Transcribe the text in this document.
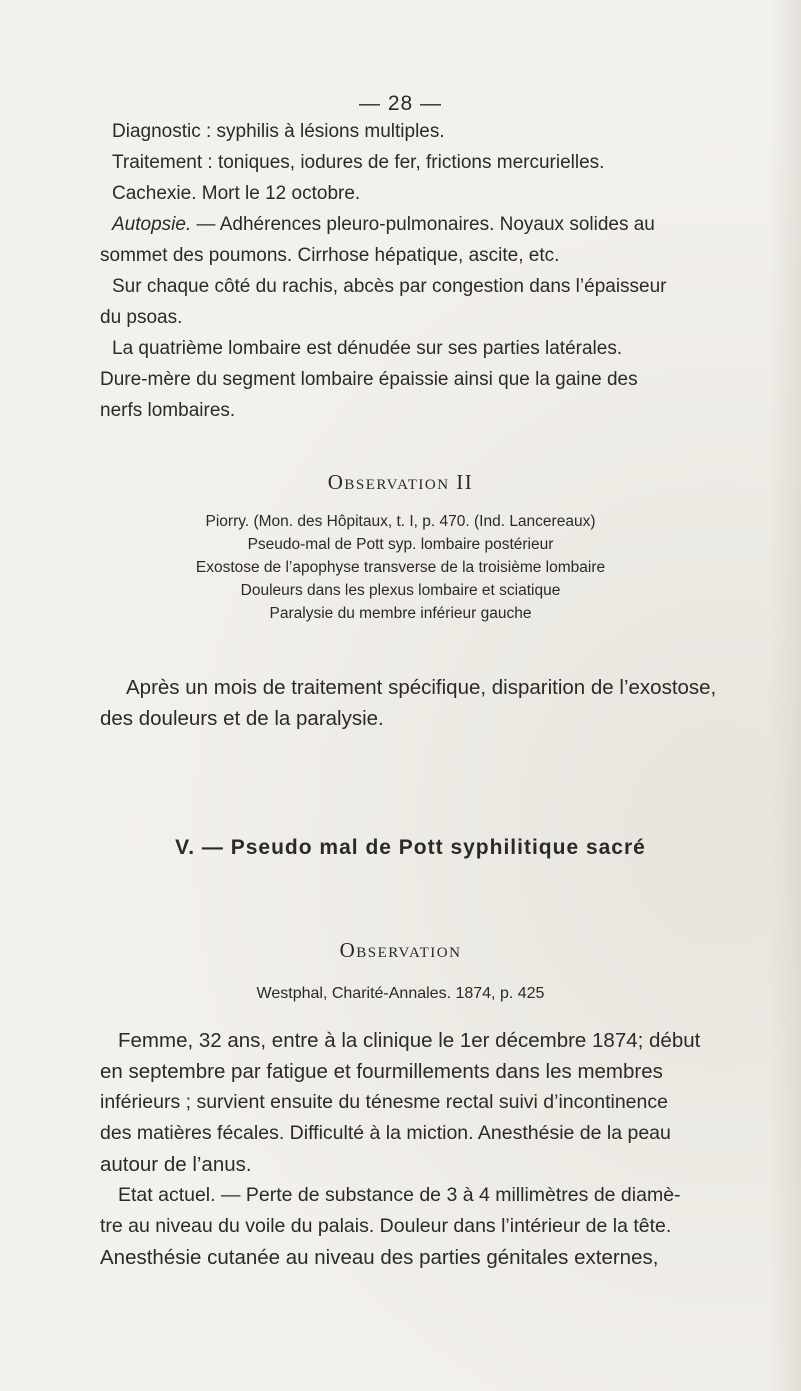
— 28 —
Diagnostic : syphilis à lésions multiples.
Traitement : toniques, iodures de fer, frictions mercurielles.
Cachexie. Mort le 12 octobre.
Autopsie. — Adhérences pleuro-pulmonaires. Noyaux solides au
sommet des poumons. Cirrhose hépatique, ascite, etc.
Sur chaque côté du rachis, abcès par congestion dans l’épaisseur
du psoas.
La quatrième lombaire est dénudée sur ses parties latérales.
Dure-mère du segment lombaire épaissie ainsi que la gaine des
nerfs lombaires.
Observation II
Piorry. (Mon. des Hôpitaux, t. I, p. 470. (Ind. Lancereaux)
Pseudo-mal de Pott syp. lombaire postérieur
Exostose de l’apophyse transverse de la troisième lombaire
Douleurs dans les plexus lombaire et sciatique
Paralysie du membre inférieur gauche
Après un mois de traitement spécifique, disparition de l’exostose,
des douleurs et de la paralysie.
V. — Pseudo mal de Pott syphilitique sacré
Observation
Westphal, Charité-Annales. 1874, p. 425
Femme, 32 ans, entre à la clinique le 1er décembre 1874; début
en septembre par fatigue et fourmillements dans les membres
inférieurs ; survient ensuite du ténesme rectal suivi d’incontinence
des matières fécales. Difficulté à la miction. Anesthésie de la peau
autour de l’anus.
Etat actuel. — Perte de substance de 3 à 4 millimètres de diamè-
tre au niveau du voile du palais. Douleur dans l’intérieur de la tête.
Anesthésie cutanée au niveau des parties génitales externes,
